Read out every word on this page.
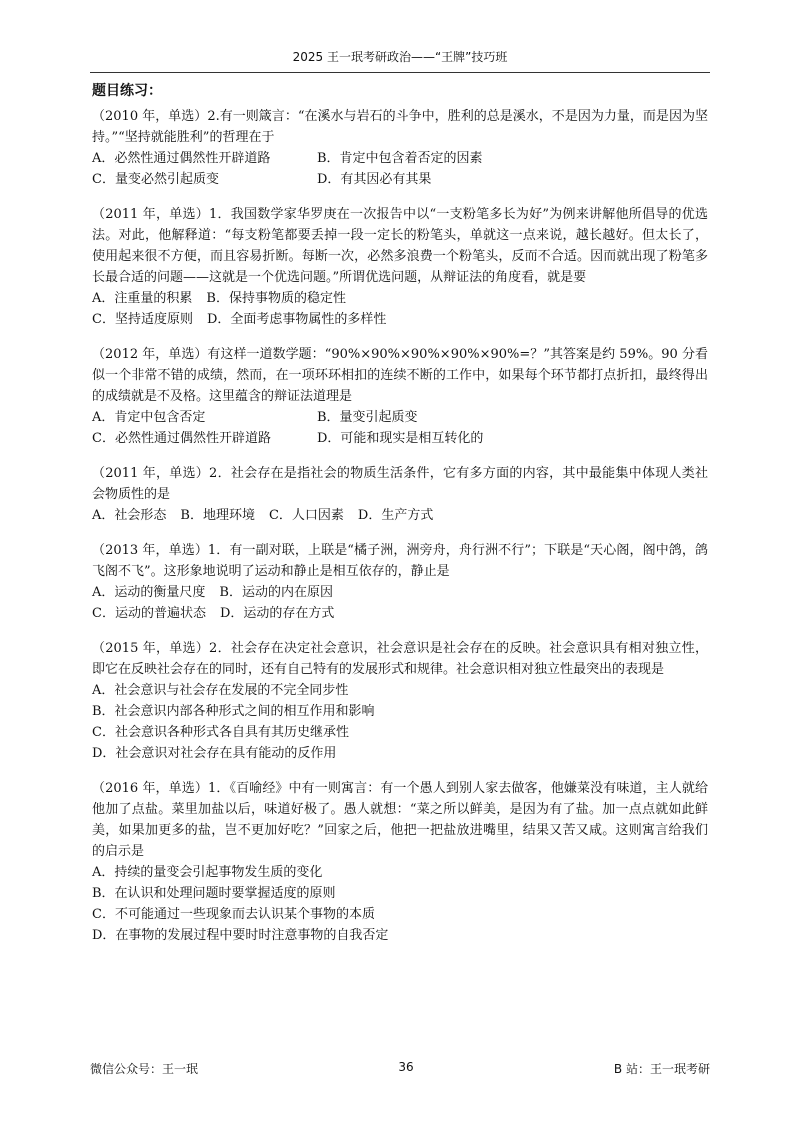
2025 王一珉考研政治——“王牌”技巧班
题目练习：
（2010 年，单选）2.有一则箴言：“在溪水与岩石的斗争中，胜利的总是溪水，不是因为力量，而是因为坚持。”“坚持就能胜利”的哲理在于
A．必然性通过偶然性开辟道路	B．肯定中包含着否定的因素
C．量变必然引起质变	D．有其因必有其果
（2011 年，单选）1．我国数学家华罗庚在一次报告中以“一支粉笔多长为好”为例来讲解他所倡导的优选法。对此，他解释道：“每支粉笔都要丢掉一段一定长的粉笔头，单就这一点来说，越长越好。但太长了，使用起来很不方便，而且容易折断。每断一次，必然多浪费一个粉笔头，反而不合适。因而就出现了粉笔多长最合适的问题——这就是一个优选问题。”所谓优选问题，从辩证法的角度看，就是要
A．注重量的积累 B．保持事物质的稳定性
C．坚持适度原则 D．全面考虑事物属性的多样性
（2012 年，单选）有这样一道数学题：“90%×90%×90%×90%×90%=？”其答案是约 59%。90 分看似一个非常不错的成绩，然而，在一项环环相扣的连续不断的工作中，如果每个环节都打点折扣，最终得出的成绩就是不及格。这里蕴含的辩证法道理是
A．肯定中包含否定	B．量变引起质变
C．必然性通过偶然性开辟道路	D．可能和现实是相互转化的
（2011 年，单选）2．社会存在是指社会的物质生活条件，它有多方面的内容，其中最能集中体现人类社会物质性的是
A．社会形态 B．地理环境 C．人口因素 D．生产方式
（2013 年，单选）1．有一副对联，上联是“橘子洲，洲旁舟，舟行洲不行”；下联是“天心阁，阁中鸽，鸽飞阁不飞”。这形象地说明了运动和静止是相互依存的，静止是
A．运动的衡量尺度 B．运动的内在原因
C．运动的普遍状态 D．运动的存在方式
（2015 年，单选）2．社会存在决定社会意识，社会意识是社会存在的反映。社会意识具有相对独立性，即它在反映社会存在的同时，还有自己特有的发展形式和规律。社会意识相对独立性最突出的表现是
A．社会意识与社会存在发展的不完全同步性
B．社会意识内部各种形式之间的相互作用和影响
C．社会意识各种形式各自具有其历史继承性
D．社会意识对社会存在具有能动的反作用
（2016 年，单选）1．《百喻经》中有一则寓言：有一个愚人到别人家去做客，他嫌菜没有味道，主人就给他加了点盐。菜里加盐以后，味道好极了。愚人就想：“菜之所以鲜美，是因为有了盐。加一点点就如此鲜美，如果加更多的盐，岂不更加好吃？”回家之后，他把一把盐放进嘴里，结果又苦又咸。这则寓言给我们的启示是
A．持续的量变会引起事物发生质的变化
B．在认识和处理问题时要掌握适度的原则
C．不可能通过一些现象而去认识某个事物的本质
D．在事物的发展过程中要时时注意事物的自我否定
微信公众号：王一珉	36	B 站：王一珉考研
